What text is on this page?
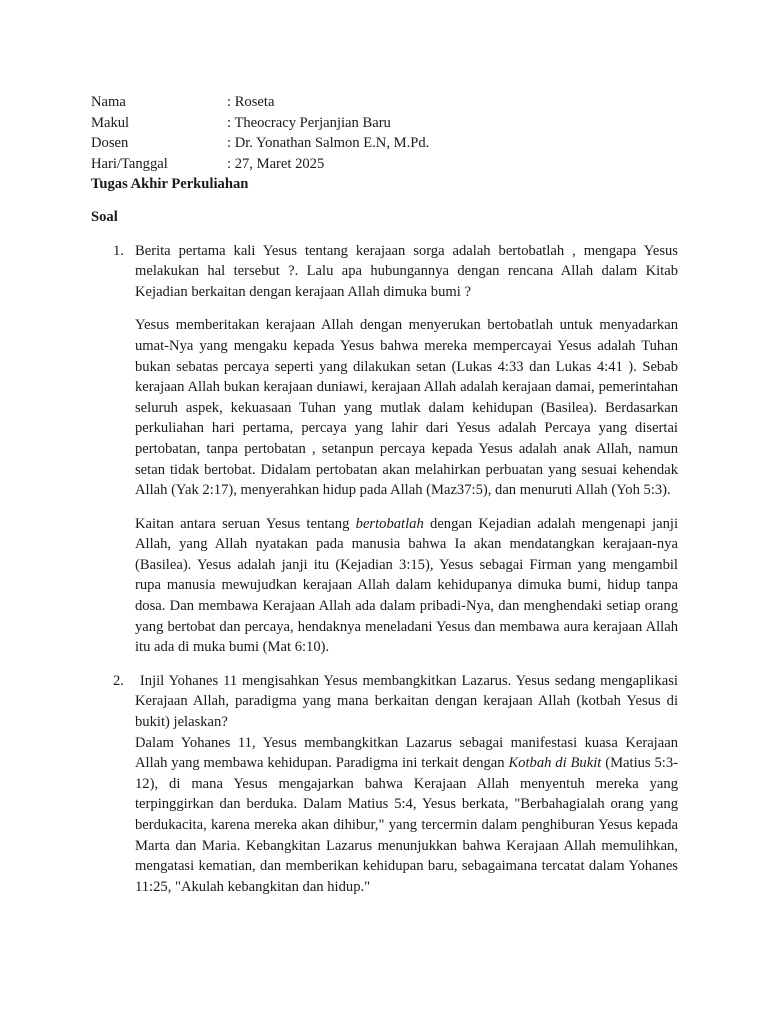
Nama	: Roseta
Makul	: Theocracy Perjanjian Baru
Dosen	: Dr. Yonathan Salmon E.N, M.Pd.
Hari/Tanggal	: 27, Maret 2025
Tugas Akhir Perkuliahan
Soal
1. Berita pertama kali Yesus tentang kerajaan sorga adalah bertobatlah , mengapa Yesus melakukan hal tersebut ?. Lalu apa hubungannya dengan rencana Allah dalam Kitab Kejadian berkaitan dengan kerajaan Allah dimuka bumi ?

Yesus memberitakan kerajaan Allah dengan menyerukan bertobatlah untuk menyadarkan umat-Nya yang mengaku kepada Yesus bahwa mereka mempercayai Yesus adalah Tuhan bukan sebatas percaya seperti yang dilakukan setan (Lukas 4:33 dan Lukas 4:41 ). Sebab kerajaan Allah bukan kerajaan duniawi, kerajaan Allah adalah kerajaan damai, pemerintahan seluruh aspek, kekuasaan Tuhan yang mutlak dalam kehidupan (Basilea). Berdasarkan perkuliahan hari pertama, percaya yang lahir dari Yesus adalah Percaya yang disertai pertobatan, tanpa pertobatan , setanpun percaya kepada Yesus adalah anak Allah, namun setan tidak bertobat. Didalam pertobatan akan melahirkan perbuatan yang sesuai kehendak Allah (Yak 2:17), menyerahkan hidup pada Allah (Maz37:5), dan menuruti Allah (Yoh 5:3).

Kaitan antara seruan Yesus tentang bertobatlah dengan Kejadian adalah mengenapi janji Allah, yang Allah nyatakan pada manusia bahwa Ia akan mendatangkan kerajaan-nya (Basilea). Yesus adalah janji itu (Kejadian 3:15), Yesus sebagai Firman yang mengambil rupa manusia mewujudkan kerajaan Allah dalam kehidupanya dimuka bumi, hidup tanpa dosa. Dan membawa Kerajaan Allah ada dalam pribadi-Nya, dan menghendaki setiap orang yang bertobat dan percaya, hendaknya meneladani Yesus dan membawa aura kerajaan Allah itu ada di muka bumi (Mat 6:10).

2. Injil Yohanes 11 mengisahkan Yesus membangkitkan Lazarus. Yesus sedang mengaplikasi Kerajaan Allah, paradigma yang mana berkaitan dengan kerajaan Allah (kotbah Yesus di bukit) jelaskan?

Dalam Yohanes 11, Yesus membangkitkan Lazarus sebagai manifestasi kuasa Kerajaan Allah yang membawa kehidupan. Paradigma ini terkait dengan Kotbah di Bukit (Matius 5:3-12), di mana Yesus mengajarkan bahwa Kerajaan Allah menyentuh mereka yang terpinggirkan dan berduka. Dalam Matius 5:4, Yesus berkata, "Berbahagialah orang yang berdukacita, karena mereka akan dihibur," yang tercermin dalam penghiburan Yesus kepada Marta dan Maria. Kebangkitan Lazarus menunjukkan bahwa Kerajaan Allah memulihkan, mengatasi kematian, dan memberikan kehidupan baru, sebagaimana tercatat dalam Yohanes 11:25, "Akulah kebangkitan dan hidup."
